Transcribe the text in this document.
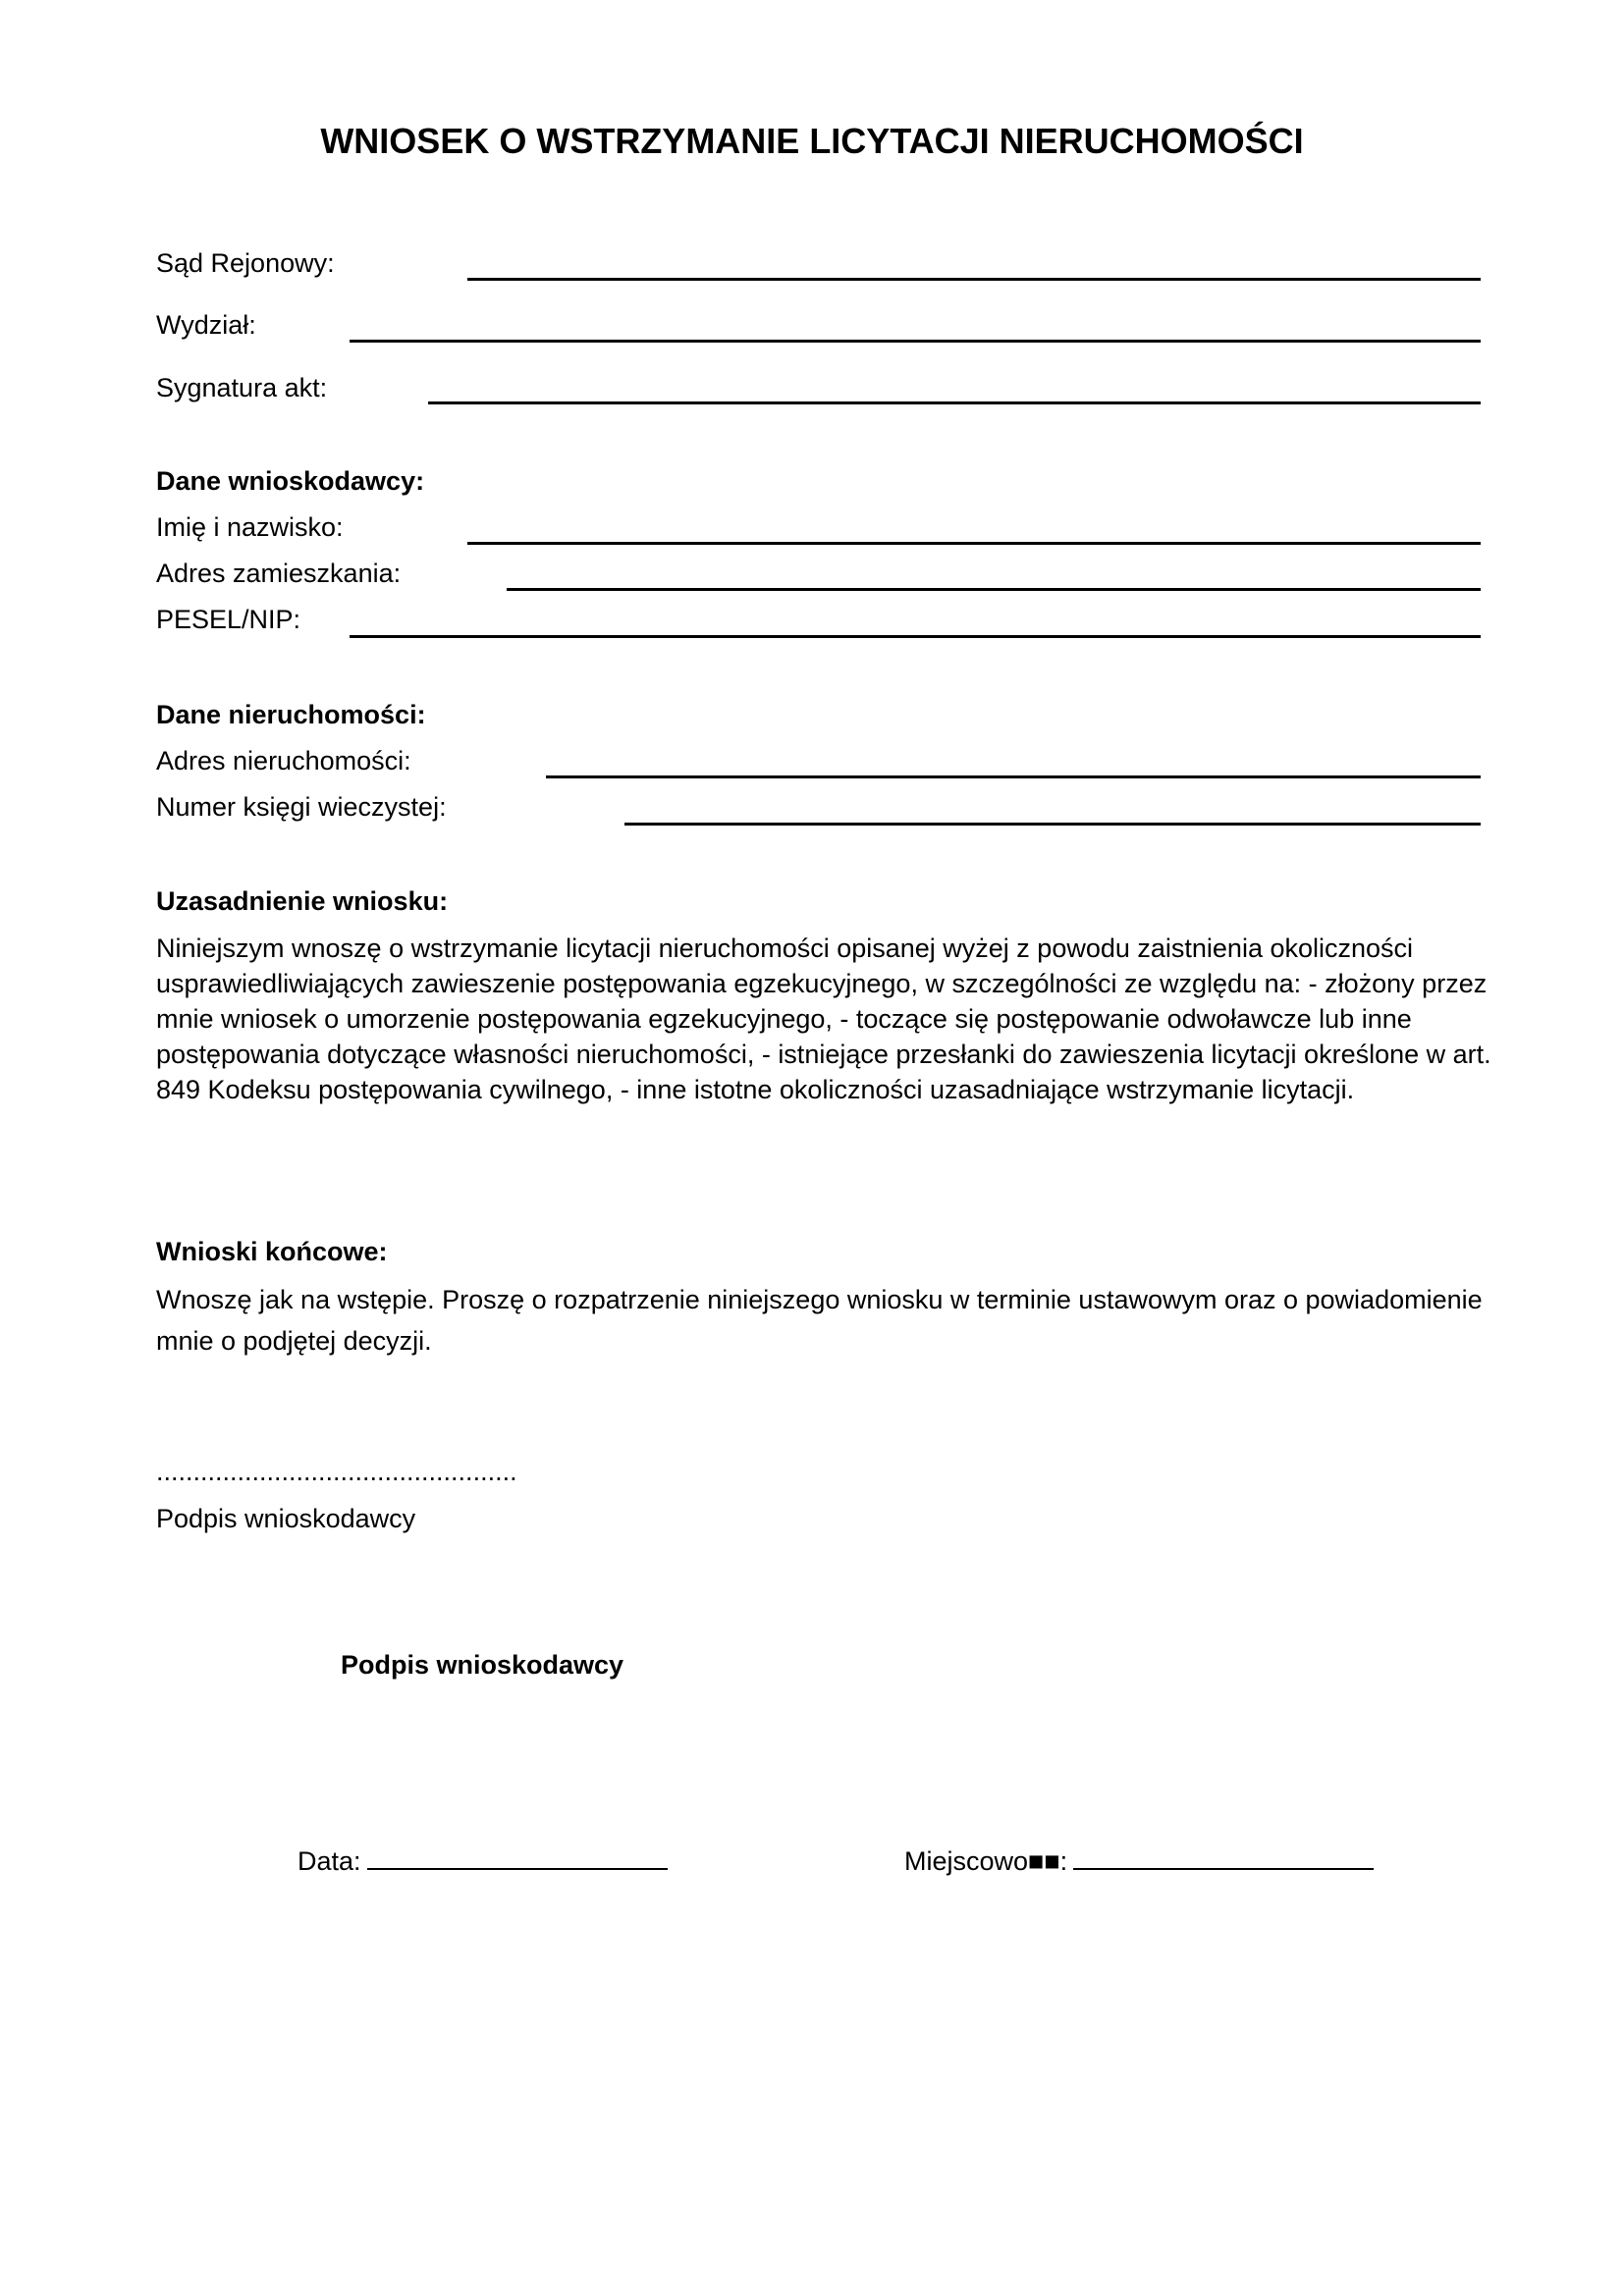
WNIOSEK O WSTRZYMANIE LICYTACJI NIERUCHOMOŚCI
Sąd Rejonowy:
Wydział:
Sygnatura akt:
Dane wnioskodawcy:
Imię i nazwisko:
Adres zamieszkania:
PESEL/NIP:
Dane nieruchomości:
Adres nieruchomości:
Numer księgi wieczystej:
Uzasadnienie wniosku:
Niniejszym wnoszę o wstrzymanie licytacji nieruchomości opisanej wyżej z powodu zaistnienia okoliczności usprawiedliwiających zawieszenie postępowania egzekucyjnego, w szczególności ze względu na: - złożony przez mnie wniosek o umorzenie postępowania egzekucyjnego, - toczące się postępowanie odwoławcze lub inne postępowania dotyczące własności nieruchomości, - istniejące przesłanki do zawieszenia licytacji określone w art. 849 Kodeksu postępowania cywilnego, - inne istotne okoliczności uzasadniające wstrzymanie licytacji.
Wnioski końcowe:
Wnoszę jak na wstępie. Proszę o rozpatrzenie niniejszego wniosku w terminie ustawowym oraz o powiadomienie mnie o podjętej decyzji.
.................................................
Podpis wnioskodawcy
Podpis wnioskodawcy
Data:	Miejscowo■■:
